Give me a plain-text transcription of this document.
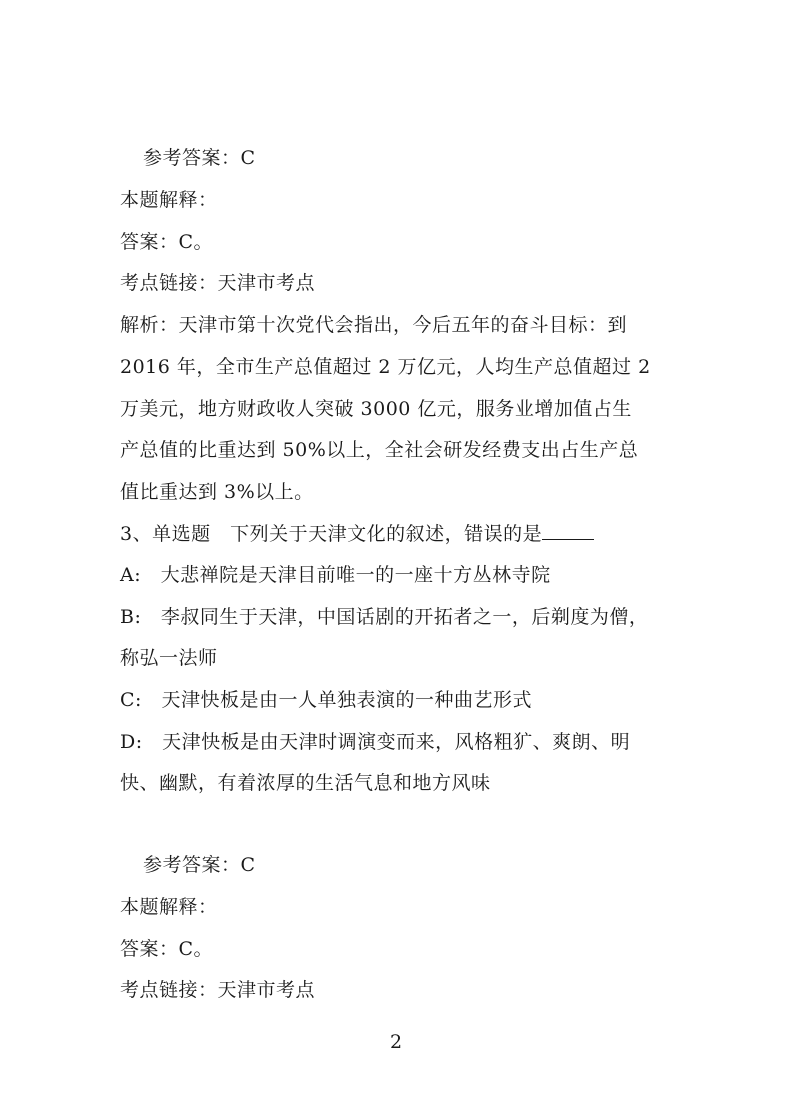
参考答案：C
本题解释：
答案：C。
考点链接：天津市考点
解析：天津市第十次党代会指出，今后五年的奋斗目标：到
2016 年，全市生产总值超过 2 万亿元，人均生产总值超过 2
万美元，地方财政收人突破 3000 亿元，服务业增加值占生
产总值的比重达到 50%以上，全社会研发经费支出占生产总
值比重达到 3%以上。
3、单选题　下列关于天津文化的叙述，错误的是
A:　大悲禅院是天津目前唯一的一座十方丛林寺院
B:　李叔同生于天津，中国话剧的开拓者之一，后剃度为僧，
称弘一法师
C:　天津快板是由一人单独表演的一种曲艺形式
D:　天津快板是由天津时调演变而来，风格粗犷、爽朗、明
快、幽默，有着浓厚的生活气息和地方风味
参考答案：C
本题解释：
答案：C。
考点链接：天津市考点
2
